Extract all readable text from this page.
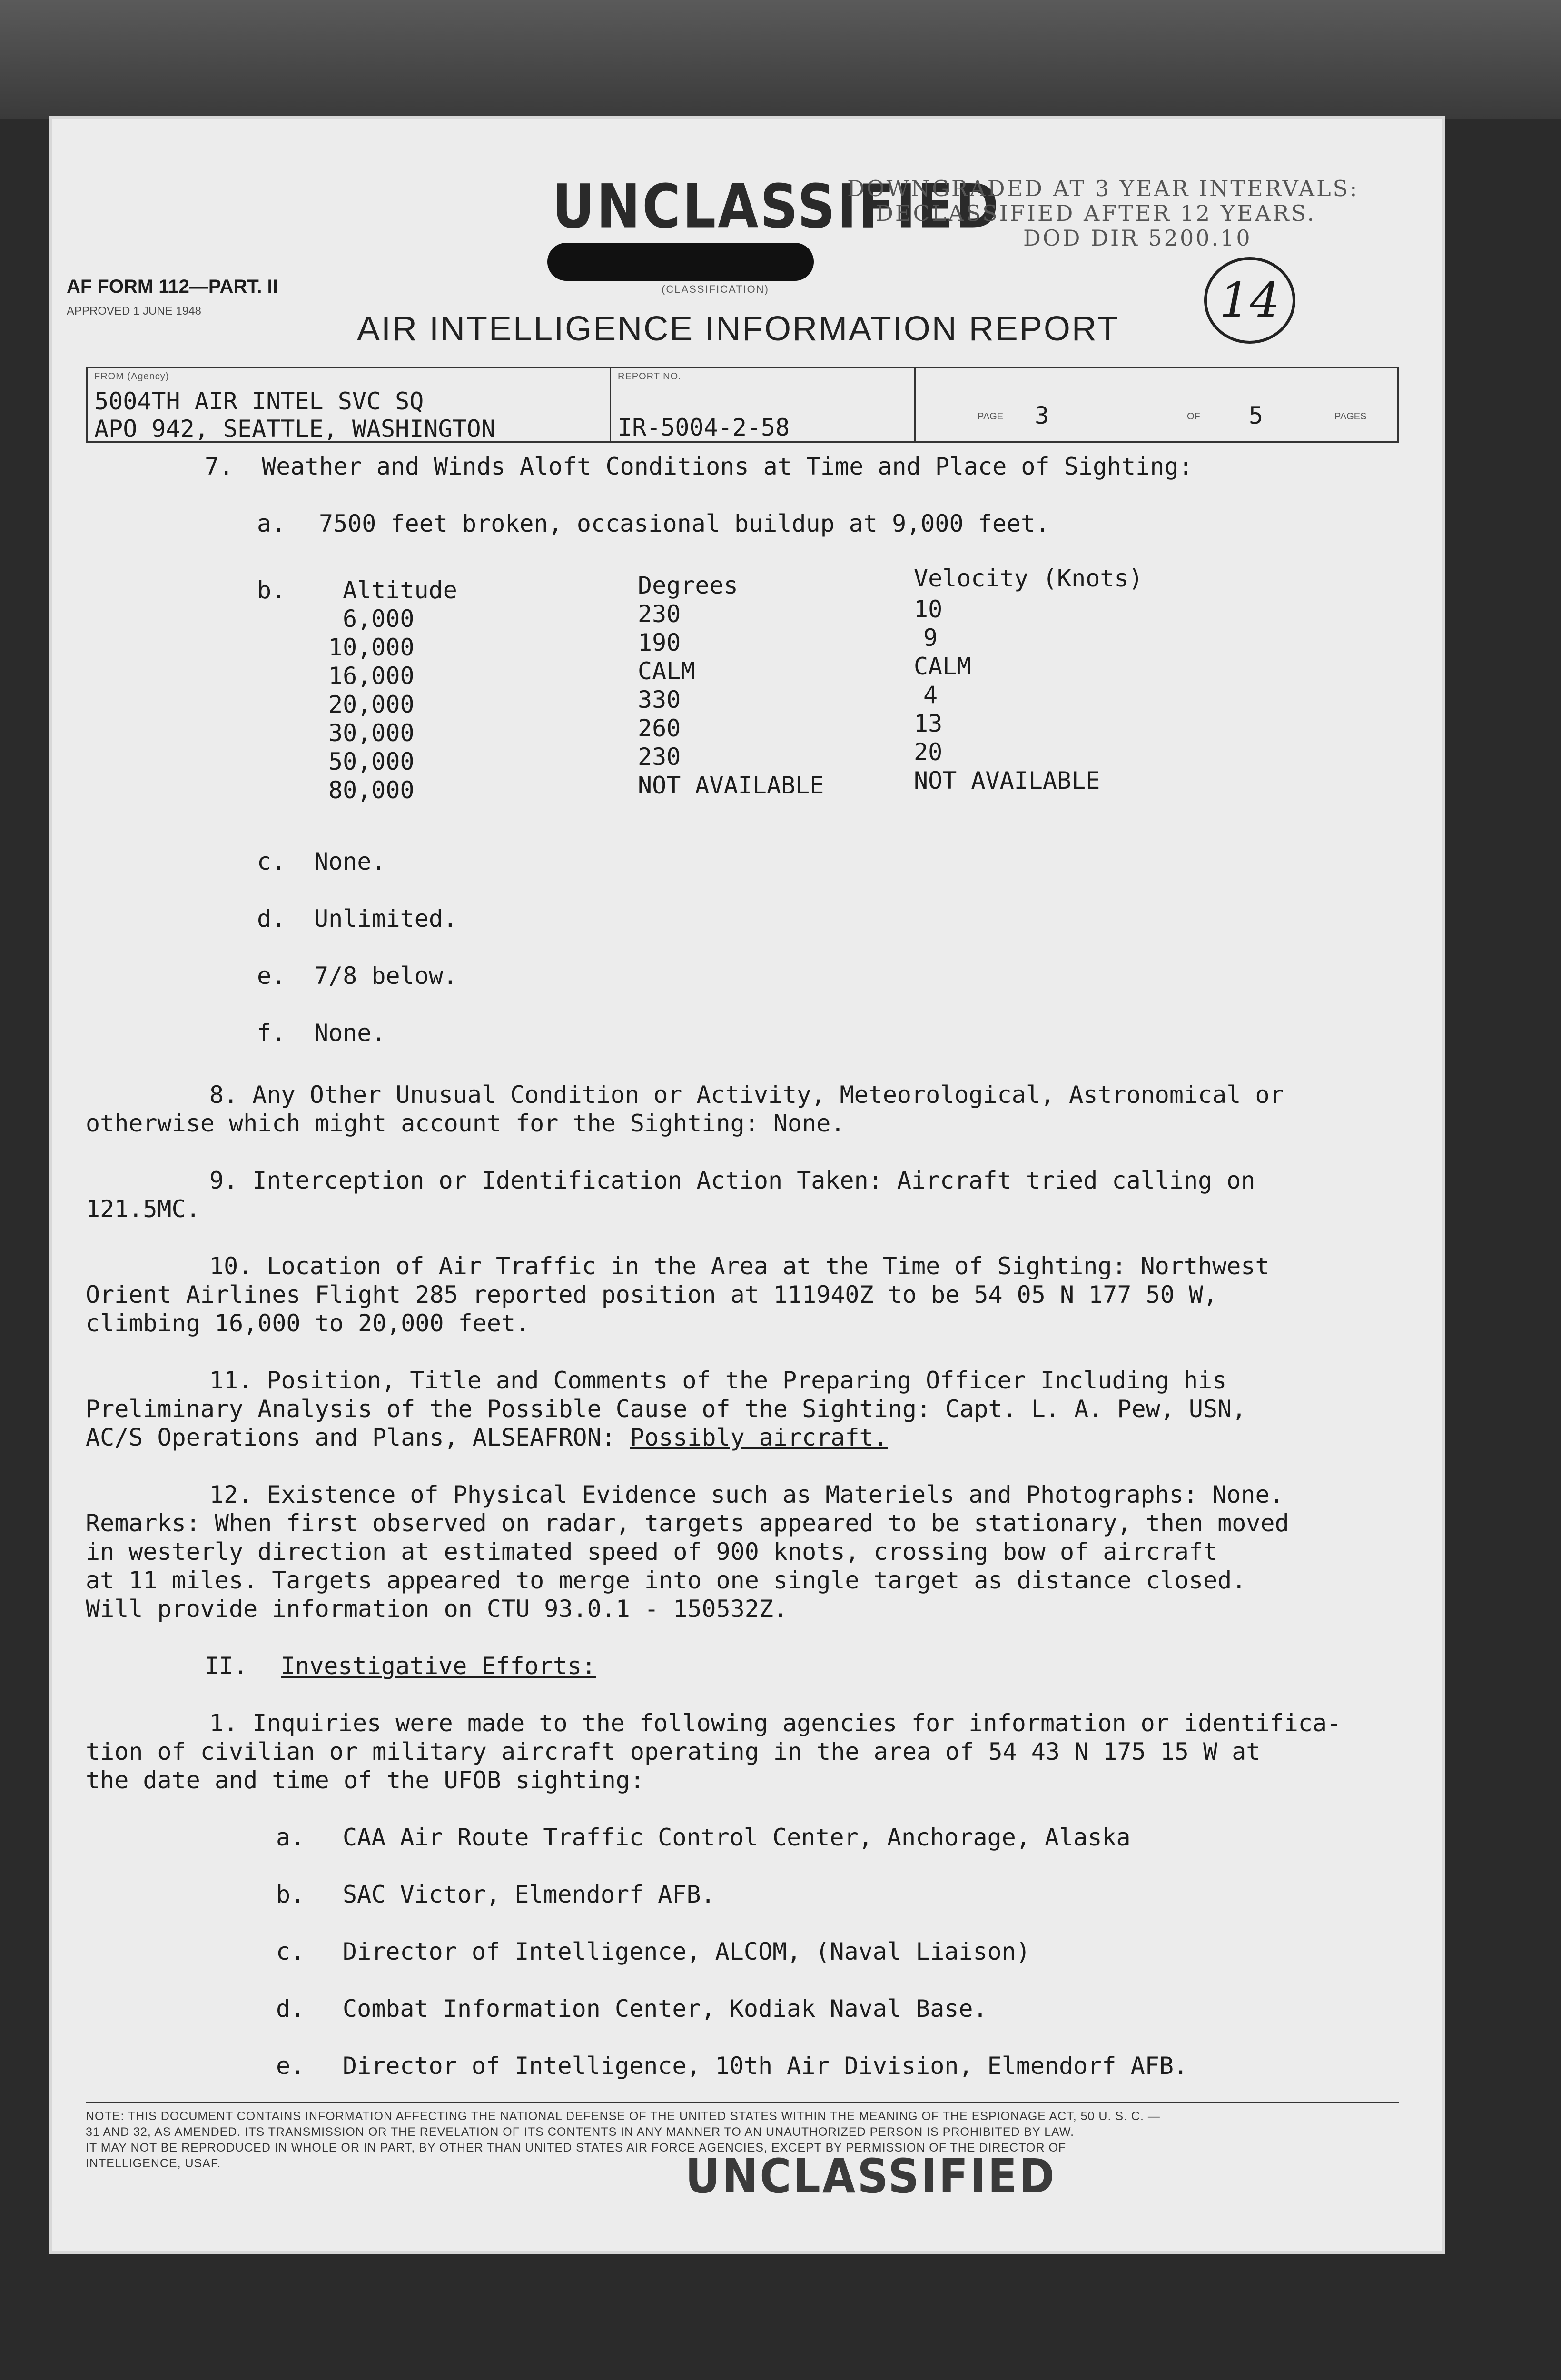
UNCLASSIFIED
(CLASSIFICATION)
DOWNGRADED AT 3 YEAR INTERVALS:
DECLASSIFIED AFTER 12 YEARS.
DOD DIR 5200.10
AF FORM 112—PART. II
APPROVED 1 JUNE 1948	AIR INTELLIGENCE INFORMATION REPORT
14
FROM (Agency)
5004TH AIR INTEL SVC SQ
APO 942, SEATTLE, WASHINGTON
REPORT NO.
IR-5004-2-58	PAGE 3	OF 5	PAGES
7. Weather and Winds Aloft Conditions at Time and Place of Sighting:
a. 7500 feet broken, occasional buildup at 9,000 feet.
b. Altitude	Degrees	Velocity (Knots)
6,000	230	10
10,000	190	9
16,000	CALM	CALM
20,000	330	4
30,000	260	13
50,000	230	20
80,000	NOT AVAILABLE	NOT AVAILABLE
c. None.
d. Unlimited.
e. 7/8 below.
f. None.
8. Any Other Unusual Condition or Activity, Meteorological, Astronomical or
otherwise which might account for the Sighting: None.
9. Interception or Identification Action Taken: Aircraft tried calling on
121.5MC.
10. Location of Air Traffic in the Area at the Time of Sighting: Northwest
Orient Airlines Flight 285 reported position at 111940Z to be 54 05 N 177 50 W,
climbing 16,000 to 20,000 feet.
11. Position, Title and Comments of the Preparing Officer Including his
Preliminary Analysis of the Possible Cause of the Sighting: Capt. L. A. Pew, USN,
AC/S Operations and Plans, ALSEAFRON: Possibly aircraft.
12. Existence of Physical Evidence such as Materiels and Photographs: None.
Remarks: When first observed on radar, targets appeared to be stationary, then moved
in westerly direction at estimated speed of 900 knots, crossing bow of aircraft
at 11 miles. Targets appeared to merge into one single target as distance closed.
Will provide information on CTU 93.0.1 - 150532Z.
II. Investigative Efforts:
1. Inquiries were made to the following agencies for information or identifica-
tion of civilian or military aircraft operating in the area of 54 43 N 175 15 W at
the date and time of the UFOB sighting:
a. CAA Air Route Traffic Control Center, Anchorage, Alaska
b. SAC Victor, Elmendorf AFB.
c. Director of Intelligence, ALCOM, (Naval Liaison)
d. Combat Information Center, Kodiak Naval Base.
e. Director of Intelligence, 10th Air Division, Elmendorf AFB.
NOTE: THIS DOCUMENT CONTAINS INFORMATION AFFECTING THE NATIONAL DEFENSE OF THE UNITED STATES WITHIN THE MEANING OF THE ESPIONAGE ACT, 50 U. S. C. —
31 AND 32, AS AMENDED. ITS TRANSMISSION OR THE REVELATION OF ITS CONTENTS IN ANY MANNER TO AN UNAUTHORIZED PERSON IS PROHIBITED BY LAW.
IT MAY NOT BE REPRODUCED IN WHOLE OR IN PART, BY OTHER THAN UNITED STATES AIR FORCE AGENCIES, EXCEPT BY PERMISSION OF THE DIRECTOR OF
INTELLIGENCE, USAF.	UNCLASSIFIED
